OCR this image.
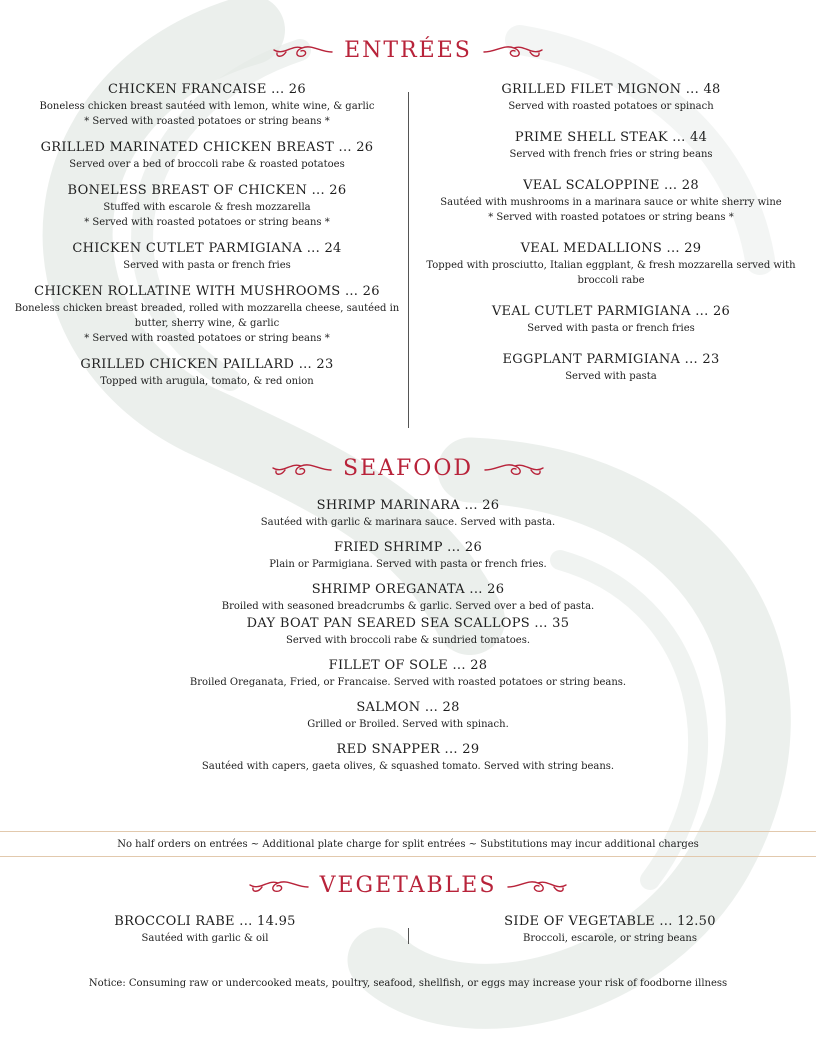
ENTRÉES
CHICKEN FRANCAISE ... 26
Boneless chicken breast sautéed with lemon, white wine, & garlic
* Served with roasted potatoes or string beans *
GRILLED MARINATED CHICKEN BREAST ... 26
Served over a bed of broccoli rabe & roasted potatoes
BONELESS BREAST OF CHICKEN ... 26
Stuffed with escarole & fresh mozzarella
* Served with roasted potatoes or string beans *
CHICKEN CUTLET PARMIGIANA ... 24
Served with pasta or french fries
CHICKEN ROLLATINE WITH MUSHROOMS ... 26
Boneless chicken breast breaded, rolled with mozzarella cheese, sautéed in
butter, sherry wine, & garlic
* Served with roasted potatoes or string beans *
GRILLED CHICKEN PAILLARD ... 23
Topped with arugula, tomato, & red onion
GRILLED FILET MIGNON ... 48
Served with roasted potatoes or spinach
PRIME SHELL STEAK ... 44
Served with french fries or string beans
VEAL SCALOPPINE ... 28
Sautéed with mushrooms in a marinara sauce or white sherry wine
* Served with roasted potatoes or string beans *
VEAL MEDALLIONS ... 29
Topped with prosciutto, Italian eggplant, & fresh mozzarella served with
broccoli rabe
VEAL CUTLET PARMIGIANA ... 26
Served with pasta or french fries
EGGPLANT PARMIGIANA ... 23
Served with pasta
SEAFOOD
SHRIMP MARINARA ... 26
Sautéed with garlic & marinara sauce. Served with pasta.
FRIED SHRIMP ... 26
Plain or Parmigiana. Served with pasta or french fries.
SHRIMP OREGANATA ... 26
Broiled with seasoned breadcrumbs & garlic. Served over a bed of pasta.
DAY BOAT PAN SEARED SEA SCALLOPS ... 35
Served with broccoli rabe & sundried tomatoes.
FILLET OF SOLE ... 28
Broiled Oreganata, Fried, or Francaise. Served with roasted potatoes or string beans.
SALMON ... 28
Grilled or Broiled. Served with spinach.
RED SNAPPER ... 29
Sautéed with capers, gaeta olives, & squashed tomato. Served with string beans.
No half orders on entrées ~ Additional plate charge for split entrées ~ Substitutions may incur additional charges
VEGETABLES
BROCCOLI RABE ... 14.95
Sautéed with garlic & oil
SIDE OF VEGETABLE ... 12.50
Broccoli, escarole, or string beans
Notice: Consuming raw or undercooked meats, poultry, seafood, shellfish, or eggs may increase your risk of foodborne illness
